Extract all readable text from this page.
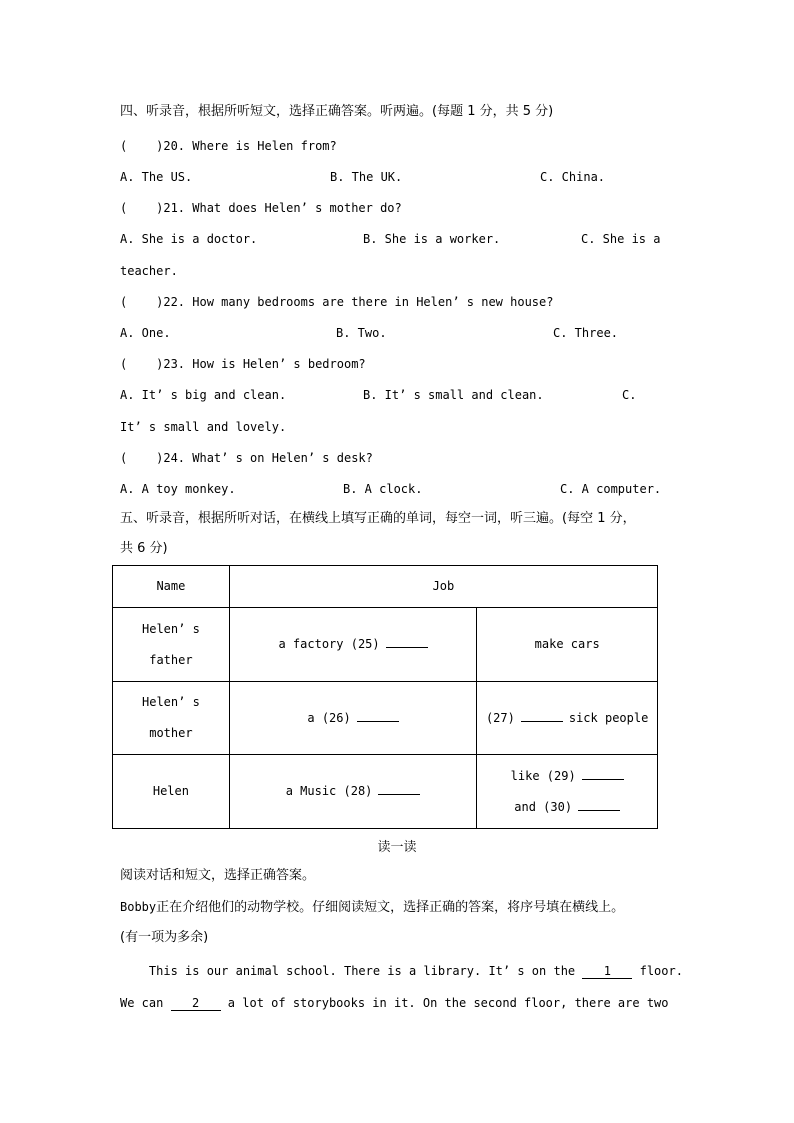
四、听录音，根据所听短文，选择正确答案。听两遍。(每题 1 分，共 5 分)
(    )20. Where is Helen from?
A. The US.	B. The UK.	C. China.
(    )21. What does Helen’ s mother do?
A. She is a doctor.	B. She is a worker.	C. She is a
teacher.
(    )22. How many bedrooms are there in Helen’ s new house?
A. One.	B. Two.	C. Three.
(    )23. How is Helen’ s bedroom?
A. It’ s big and clean.	B. It’ s small and clean.	C.
It’ s small and lovely.
(    )24. What’ s on Helen’ s desk?
A. A toy monkey.	B. A clock.	C. A computer.
五、听录音，根据所听对话，在横线上填写正确的单词，每空一词，听三遍。(每空 1 分，
共 6 分)
Name	Job	

Helen’ s
father	a factory (25)	make cars

Helen’ s
mother	a (26)	(27) sick people
Helen	a Music (28)	like (29)
and (30)
读一读
阅读对话和短文，选择正确答案。
Bobby正在介绍他们的动物学校。仔细阅读短文，选择正确的答案，将序号填在横线上。
(有一项为多余)
This is our animal school. There is a library. It’ s on the 1 floor.
We can 2 a lot of storybooks in it. On the second floor, there are two
